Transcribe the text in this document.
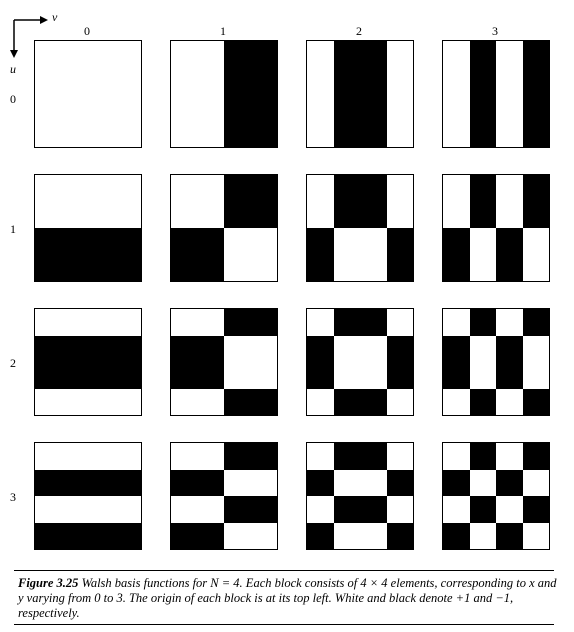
v
u
0	1	2	3
0
1
2
3
Figure 3.25 Walsh basis functions for N = 4. Each block consists of 4 × 4 elements, corresponding to x and y varying from 0 to 3. The origin of each block is at its top left. White and black denote +1 and −1, respectively.
